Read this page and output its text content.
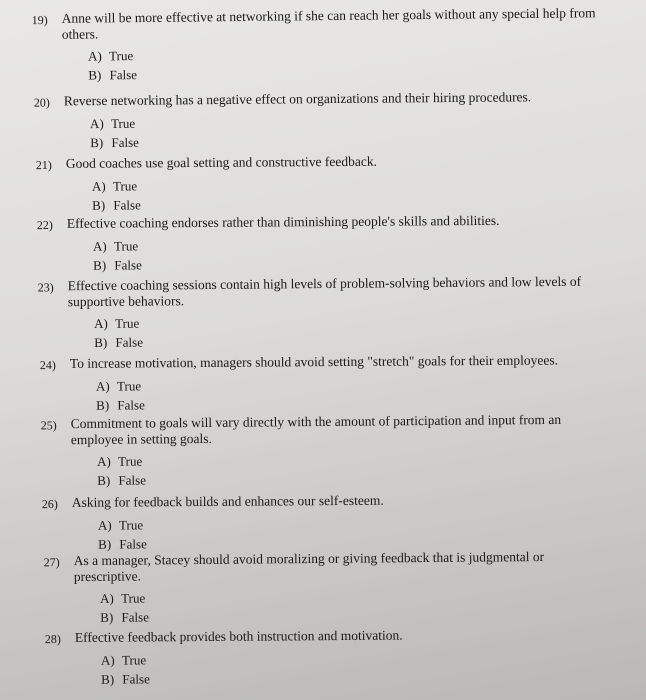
19)	Anne will be more effective at networking if she can reach her goals without any special help from others.
A) True
B) False
20)	Reverse networking has a negative effect on organizations and their hiring procedures.
A) True
B) False
21)	Good coaches use goal setting and constructive feedback.
A) True
B) False
22)	Effective coaching endorses rather than diminishing people's skills and abilities.
A) True
B) False
23)	Effective coaching sessions contain high levels of problem-solving behaviors and low levels of supportive behaviors.
A) True
B) False
24)	To increase motivation, managers should avoid setting "stretch" goals for their employees.
A) True
B) False
25)	Commitment to goals will vary directly with the amount of participation and input from an employee in setting goals.
A) True
B) False
26)	Asking for feedback builds and enhances our self-esteem.
A) True
B) False
27)	As a manager, Stacey should avoid moralizing or giving feedback that is judgmental or prescriptive.
A) True
B) False
28)	Effective feedback provides both instruction and motivation.
A) True
B) False
